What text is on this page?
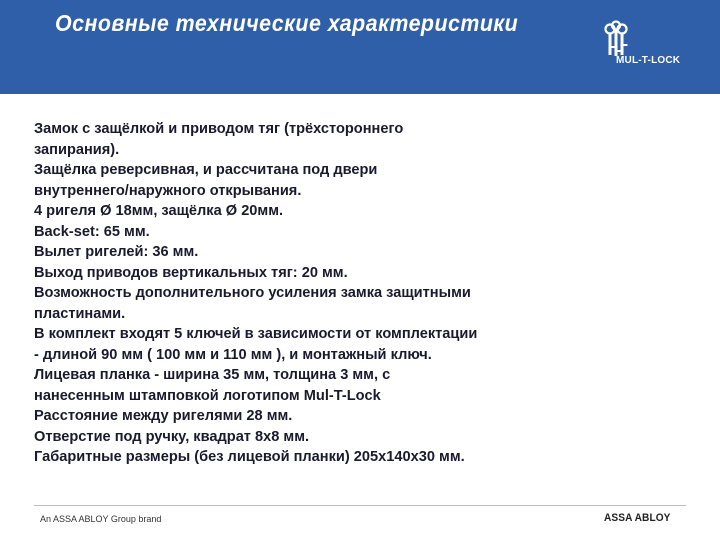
Основные технические характеристики
MUL-T-LOCK
Замок с защёлкой и приводом тяг (трёхстороннего
запирания).
Защёлка реверсивная, и рассчитана под двери
внутреннего/наружного открывания.
4 ригеля Ø 18мм, защёлка Ø 20мм.
Back-set: 65 мм.
Вылет ригелей: 36 мм.
Выход приводов вертикальных тяг: 20 мм.
Возможность дополнительного усиления замка защитными
пластинами.
В комплект входят 5 ключей в зависимости от комплектации
- длиной 90 мм ( 100 мм и 110 мм ), и монтажный ключ.
Лицевая планка - ширина 35 мм, толщина 3 мм, с
нанесенным штамповкой логотипом Mul-T-Lock
Расстояние между ригелями 28 мм.
Отверстие под ручку, квадрат 8х8 мм.
Габаритные размеры (без лицевой планки) 205х140х30 мм.
An ASSA ABLOY Group brand	ASSA ABLOY
